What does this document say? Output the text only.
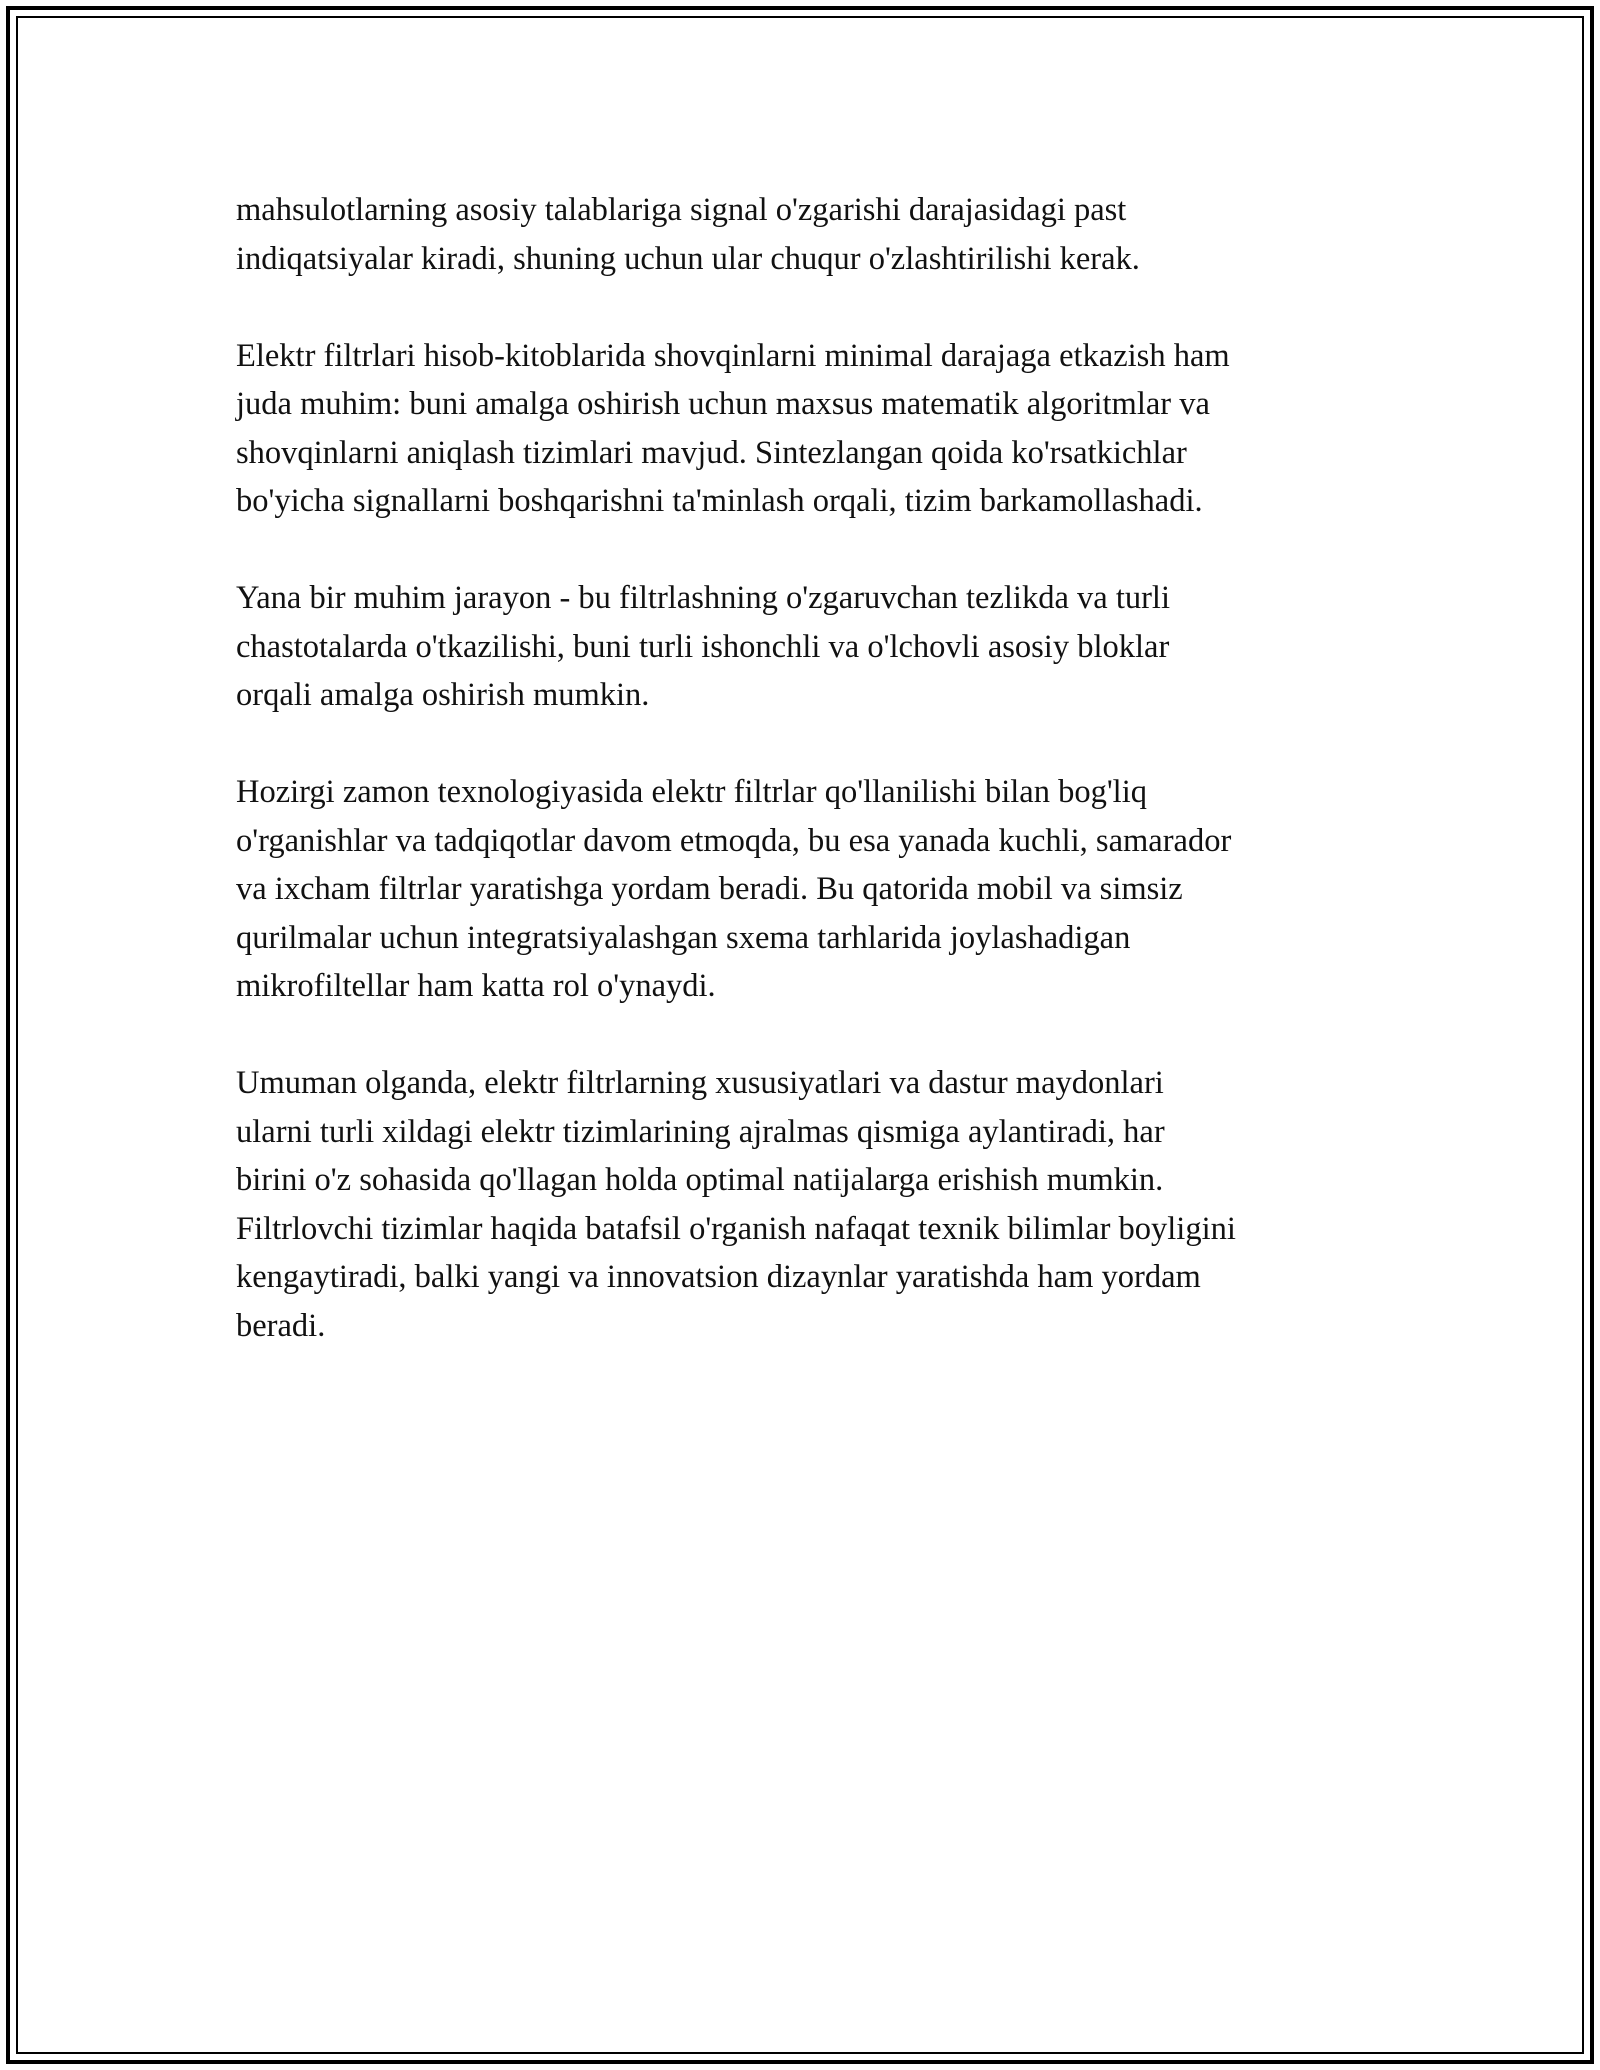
mahsulotlarning asosiy talablariga signal o'zgarishi darajasidagi past
indiqatsiyalar kiradi, shuning uchun ular chuqur o'zlashtirilishi kerak.

Elektr filtrlari hisob-kitoblarida shovqinlarni minimal darajaga etkazish ham
juda muhim: buni amalga oshirish uchun maxsus matematik algoritmlar va
shovqinlarni aniqlash tizimlari mavjud. Sintezlangan qoida ko'rsatkichlar
bo'yicha signallarni boshqarishni ta'minlash orqali, tizim barkamollashadi.

Yana bir muhim jarayon - bu filtrlashning o'zgaruvchan tezlikda va turli
chastotalarda o'tkazilishi, buni turli ishonchli va o'lchovli asosiy bloklar
orqali amalga oshirish mumkin.

Hozirgi zamon texnologiyasida elektr filtrlar qo'llanilishi bilan bog'liq
o'rganishlar va tadqiqotlar davom etmoqda, bu esa yanada kuchli, samarador
va ixcham filtrlar yaratishga yordam beradi. Bu qatorida mobil va simsiz
qurilmalar uchun integratsiyalashgan sxema tarhlarida joylashadigan
mikrofiltellar ham katta rol o'ynaydi.

Umuman olganda, elektr filtrlarning xususiyatlari va dastur maydonlari
ularni turli xildagi elektr tizimlarining ajralmas qismiga aylantiradi, har
birini o'z sohasida qo'llagan holda optimal natijalarga erishish mumkin.
Filtrlovchi tizimlar haqida batafsil o'rganish nafaqat texnik bilimlar boyligini
kengaytiradi, balki yangi va innovatsion dizaynlar yaratishda ham yordam
beradi.
